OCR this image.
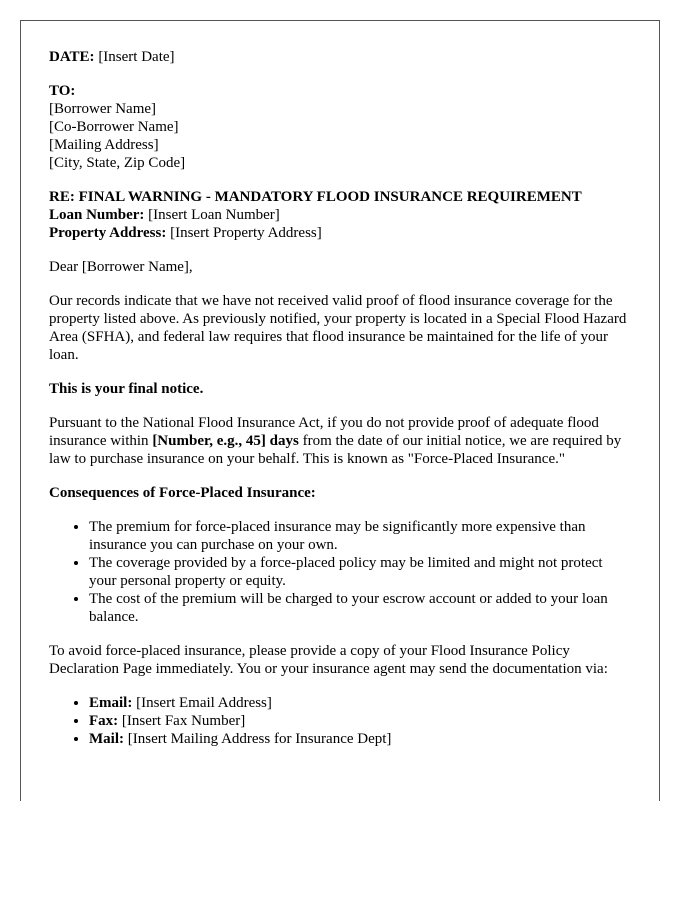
DATE: [Insert Date]

TO:
[Borrower Name]
[Co-Borrower Name]
[Mailing Address]
[City, State, Zip Code]
RE: FINAL WARNING - MANDATORY FLOOD INSURANCE REQUIREMENT
Loan Number: [Insert Loan Number]
Property Address: [Insert Property Address]

Dear [Borrower Name],

Our records indicate that we have not received valid proof of flood insurance coverage for the property listed above. As previously notified, your property is located in a Special Flood Hazard Area (SFHA), and federal law requires that flood insurance be maintained for the life of your loan.

This is your final notice.

Pursuant to the National Flood Insurance Act, if you do not provide proof of adequate flood insurance within [Number, e.g., 45] days from the date of our initial notice, we are required by law to purchase insurance on your behalf. This is known as "Force-Placed Insurance."

Consequences of Force-Placed Insurance:

• The premium for force-placed insurance may be significantly more expensive than insurance you can purchase on your own.
• The coverage provided by a force-placed policy may be limited and might not protect your personal property or equity.
• The cost of the premium will be charged to your escrow account or added to your loan balance.

To avoid force-placed insurance, please provide a copy of your Flood Insurance Policy Declaration Page immediately. You or your insurance agent may send the documentation via:

• Email: [Insert Email Address]
• Fax: [Insert Fax Number]
• Mail: [Insert Mailing Address for Insurance Dept]
